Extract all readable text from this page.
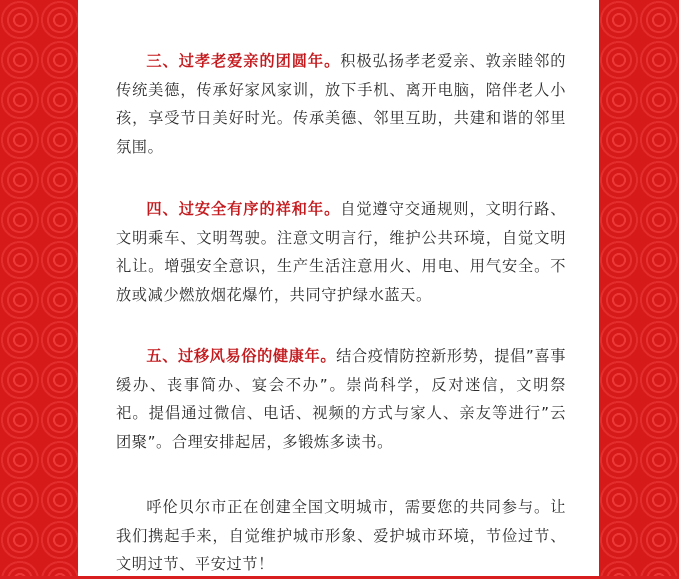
三、过孝老爱亲的团圆年。积极弘扬孝老爱亲、敦亲睦邻的传统美德，传承好家风家训，放下手机、离开电脑，陪伴老人小孩，享受节日美好时光。传承美德、邻里互助，共建和谐的邻里氛围。

四、过安全有序的祥和年。自觉遵守交通规则，文明行路、文明乘车、文明驾驶。注意文明言行，维护公共环境，自觉文明礼让。增强安全意识，生产生活注意用火、用电、用气安全。不放或减少燃放烟花爆竹，共同守护绿水蓝天。

五、过移风易俗的健康年。结合疫情防控新形势，提倡”喜事缓办、丧事简办、宴会不办”。崇尚科学，反对迷信，文明祭祀。提倡通过微信、电话、视频的方式与家人、亲友等进行”云团聚”。合理安排起居，多锻炼多读书。

呼伦贝尔市正在创建全国文明城市，需要您的共同参与。让我们携起手来，自觉维护城市形象、爱护城市环境，节俭过节、文明过节、平安过节！
